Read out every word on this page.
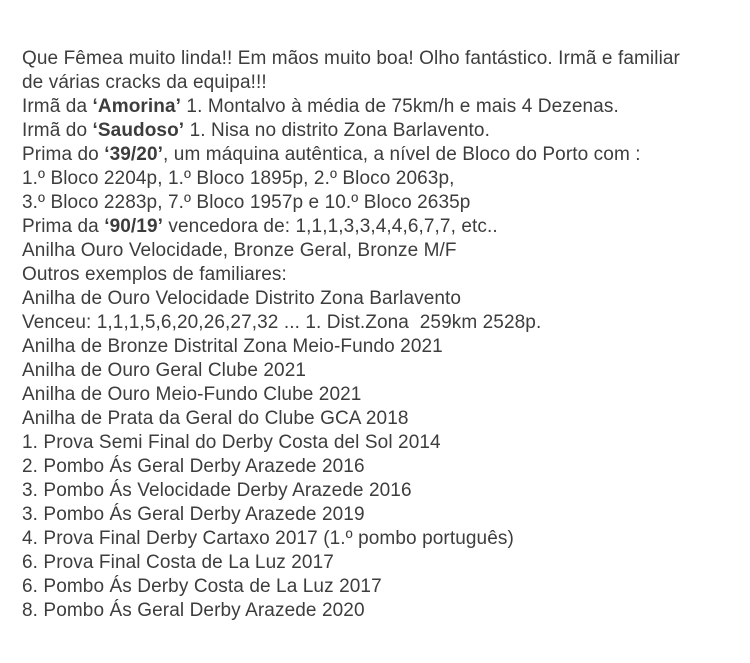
Que Fêmea muito linda!! Em mãos muito boa! Olho fantástico. Irmã e familiar
de várias cracks da equipa!!!
Irmã da ‘Amorina’ 1. Montalvo à média de 75km/h e mais 4 Dezenas.
Irmã do ‘Saudoso’ 1. Nisa no distrito Zona Barlavento.
Prima do ‘39/20’, um máquina autêntica, a nível de Bloco do Porto com :
1.º Bloco 2204p, 1.º Bloco 1895p, 2.º Bloco 2063p,
3.º Bloco 2283p, 7.º Bloco 1957p e 10.º Bloco 2635p
Prima da ‘90/19’ vencedora de: 1,1,1,3,3,4,4,6,7,7, etc..
Anilha Ouro Velocidade, Bronze Geral, Bronze M/F
Outros exemplos de familiares:
Anilha de Ouro Velocidade Distrito Zona Barlavento
Venceu: 1,1,1,5,6,20,26,27,32 ... 1. Dist.Zona  259km 2528p.
Anilha de Bronze Distrital Zona Meio-Fundo 2021
Anilha de Ouro Geral Clube 2021
Anilha de Ouro Meio-Fundo Clube 2021
Anilha de Prata da Geral do Clube GCA 2018
1. Prova Semi Final do Derby Costa del Sol 2014
2. Pombo Ás Geral Derby Arazede 2016
3. Pombo Ás Velocidade Derby Arazede 2016
3. Pombo Ás Geral Derby Arazede 2019
4. Prova Final Derby Cartaxo 2017 (1.º pombo português)
6. Prova Final Costa de La Luz 2017
6. Pombo Ás Derby Costa de La Luz 2017
8. Pombo Ás Geral Derby Arazede 2020
